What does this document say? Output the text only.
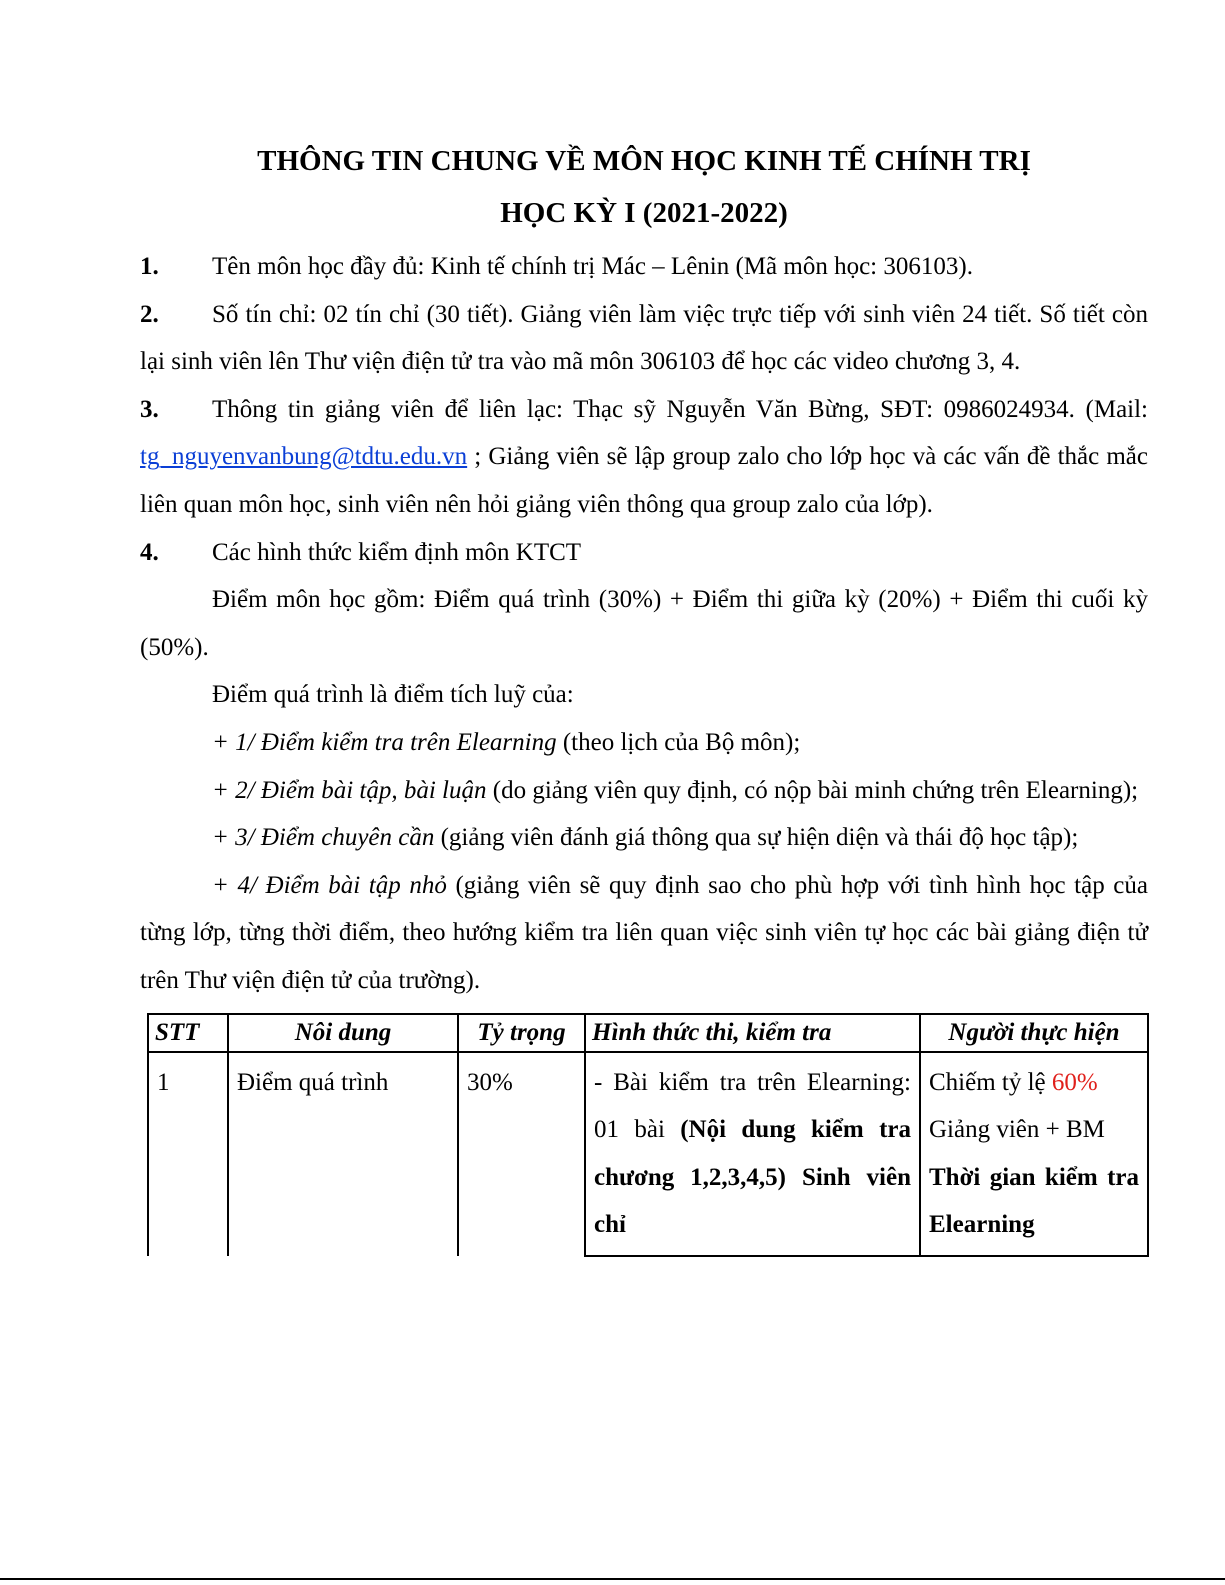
THÔNG TIN CHUNG VỀ MÔN HỌC KINH TẾ CHÍNH TRỊ
HỌC KỲ I (2021-2022)

1. Tên môn học đầy đủ: Kinh tế chính trị Mác – Lênin (Mã môn học: 306103).

2. Số tín chỉ: 02 tín chỉ (30 tiết). Giảng viên làm việc trực tiếp với sinh viên 24 tiết. Số tiết còn lại sinh viên lên Thư viện điện tử tra vào mã môn 306103 để học các video chương 3, 4.

3. Thông tin giảng viên để liên lạc: Thạc sỹ Nguyễn Văn Bừng, SĐT: 0986024934. (Mail: tg_nguyenvanbung@tdtu.edu.vn ; Giảng viên sẽ lập group zalo cho lớp học và các vấn đề thắc mắc liên quan môn học, sinh viên nên hỏi giảng viên thông qua group zalo của lớp).

4. Các hình thức kiểm định môn KTCT

Điểm môn học gồm: Điểm quá trình (30%) + Điểm thi giữa kỳ (20%) + Điểm thi cuối kỳ (50%).

Điểm quá trình là điểm tích luỹ của:

+ 1/ Điểm kiểm tra trên Elearning (theo lịch của Bộ môn);

+ 2/ Điểm bài tập, bài luận (do giảng viên quy định, có nộp bài minh chứng trên Elearning);

+ 3/ Điểm chuyên cần (giảng viên đánh giá thông qua sự hiện diện và thái độ học tập);

+ 4/ Điểm bài tập nhỏ (giảng viên sẽ quy định sao cho phù hợp với tình hình học tập của từng lớp, từng thời điểm, theo hướng kiểm tra liên quan việc sinh viên tự học các bài giảng điện tử trên Thư viện điện tử của trường).

STT	Nôi dung	Tỷ trọng	Hình thức thi, kiểm tra	Người thực hiện
1	Điểm quá trình	30%	- Bài kiểm tra trên Elearning: 01 bài (Nội dung kiểm tra chương 1,2,3,4,5) Sinh viên chỉ	Chiếm tỷ lệ 60%
Giảng viên + BM
Thời gian kiểm tra Elearning
